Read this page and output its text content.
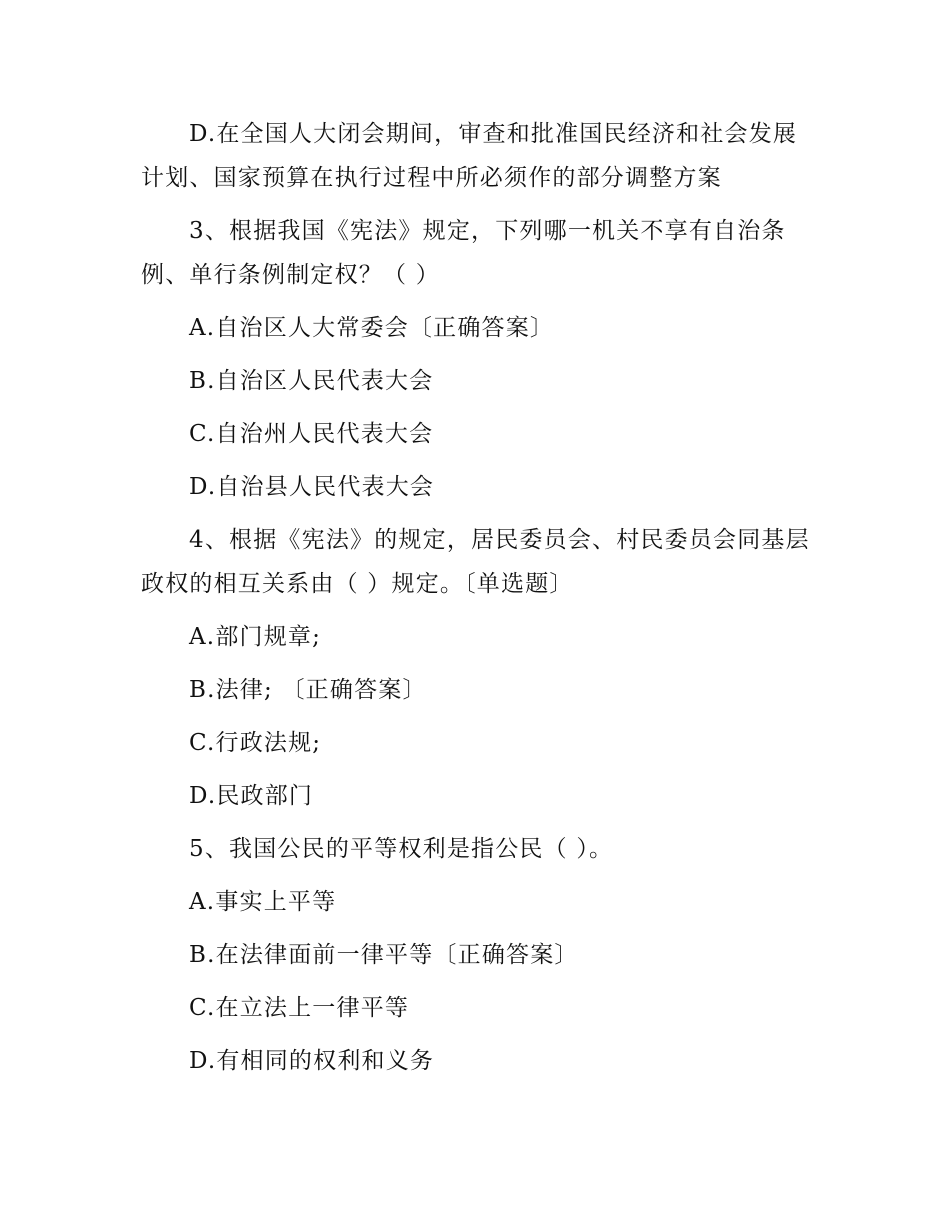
D.在全国人大闭会期间，审查和批准国民经济和社会发展计划、国家预算在执行过程中所必须作的部分调整方案

3、根据我国《宪法》规定，下列哪一机关不享有自治条例、单行条例制定权？（ ）

A.自治区人大常委会〔正确答案〕

B.自治区人民代表大会

C.自治州人民代表大会

D.自治县人民代表大会

4、根据《宪法》的规定，居民委员会、村民委员会同基层政权的相互关系由（ ）规定。〔单选题〕

A.部门规章;

B.法律; 〔正确答案〕

C.行政法规;

D.民政部门

5、我国公民的平等权利是指公民（ ）。

A.事实上平等

B.在法律面前一律平等〔正确答案〕

C.在立法上一律平等

D.有相同的权利和义务
